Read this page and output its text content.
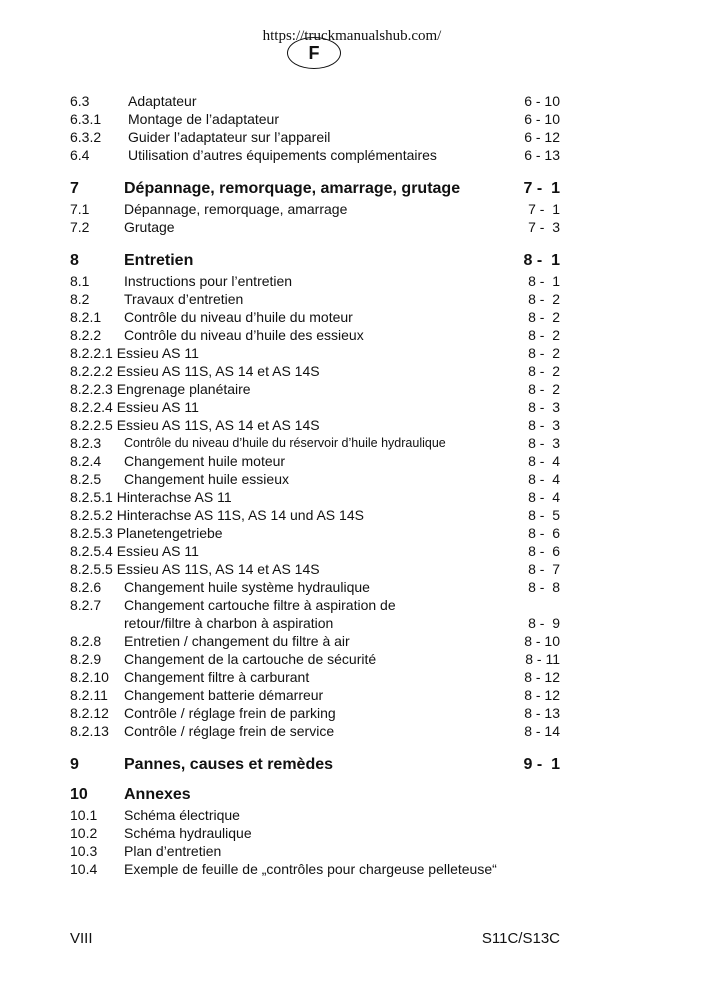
https://truckmanualshub.com/
F
6.3	Adaptateur	6 - 10
6.3.1 Montage de l’adaptateur	6 - 10
6.3.2 Guider l’adaptateur sur l’appareil	6 - 12
6.4	Utilisation d’autres équipements complémentaires	6 - 13
7	Dépannage, remorquage, amarrage, grutage	7 -  1
7.1 Dépannage, remorquage, amarrage	7 -  1
7.2 Grutage	7 -  3
8	Entretien	8 -  1
8.1 Instructions pour l’entretien	8 -  1
8.2 Travaux d’entretien	8 -  2
8.2.1 Contrôle du niveau d’huile du moteur	8 -  2
8.2.2 Contrôle du niveau d’huile des essieux	8 -  2
8.2.2.1 Essieu AS 11	8 -  2
8.2.2.2 Essieu AS 11S, AS 14 et AS 14S	8 -  2
8.2.2.3 Engrenage planétaire	8 -  2
8.2.2.4 Essieu AS 11	8 -  3
8.2.2.5 Essieu AS 11S, AS 14 et AS 14S	8 -  3
8.2.3 Contrôle du niveau d’huile du réservoir d’huile hydraulique	8 -  3
8.2.4 Changement huile moteur	8 -  4
8.2.5 Changement huile essieux	8 -  4
8.2.5.1 Hinterachse AS 11	8 -  4
8.2.5.2 Hinterachse AS 11S, AS 14 und AS 14S	8 -  5
8.2.5.3 Planetengetriebe	8 -  6
8.2.5.4 Essieu AS 11	8 -  6
8.2.5.5 Essieu AS 11S, AS 14 et AS 14S	8 -  7
8.2.6 Changement huile système hydraulique	8 -  8
8.2.7 Changement cartouche filtre à aspiration de
retour/filtre à charbon à aspiration	8 -  9
8.2.8 Entretien / changement du filtre à air	8 - 10
8.2.9 Changement de la cartouche de sécurité	8 - 11
8.2.10 Changement filtre à carburant	8 - 12
8.2.11 Changement batterie démarreur	8 - 12
8.2.12 Contrôle / réglage frein de parking	8 - 13
8.2.13 Contrôle / réglage frein de service	8 - 14
9	Pannes, causes et remèdes	9 -  1
10 Annexes
10.1 Schéma électrique
10.2 Schéma hydraulique
10.3 Plan d’entretien
10.4 Exemple de feuille de „contrôles pour chargeuse pelleteuse“
VIII	S11C/S13C
